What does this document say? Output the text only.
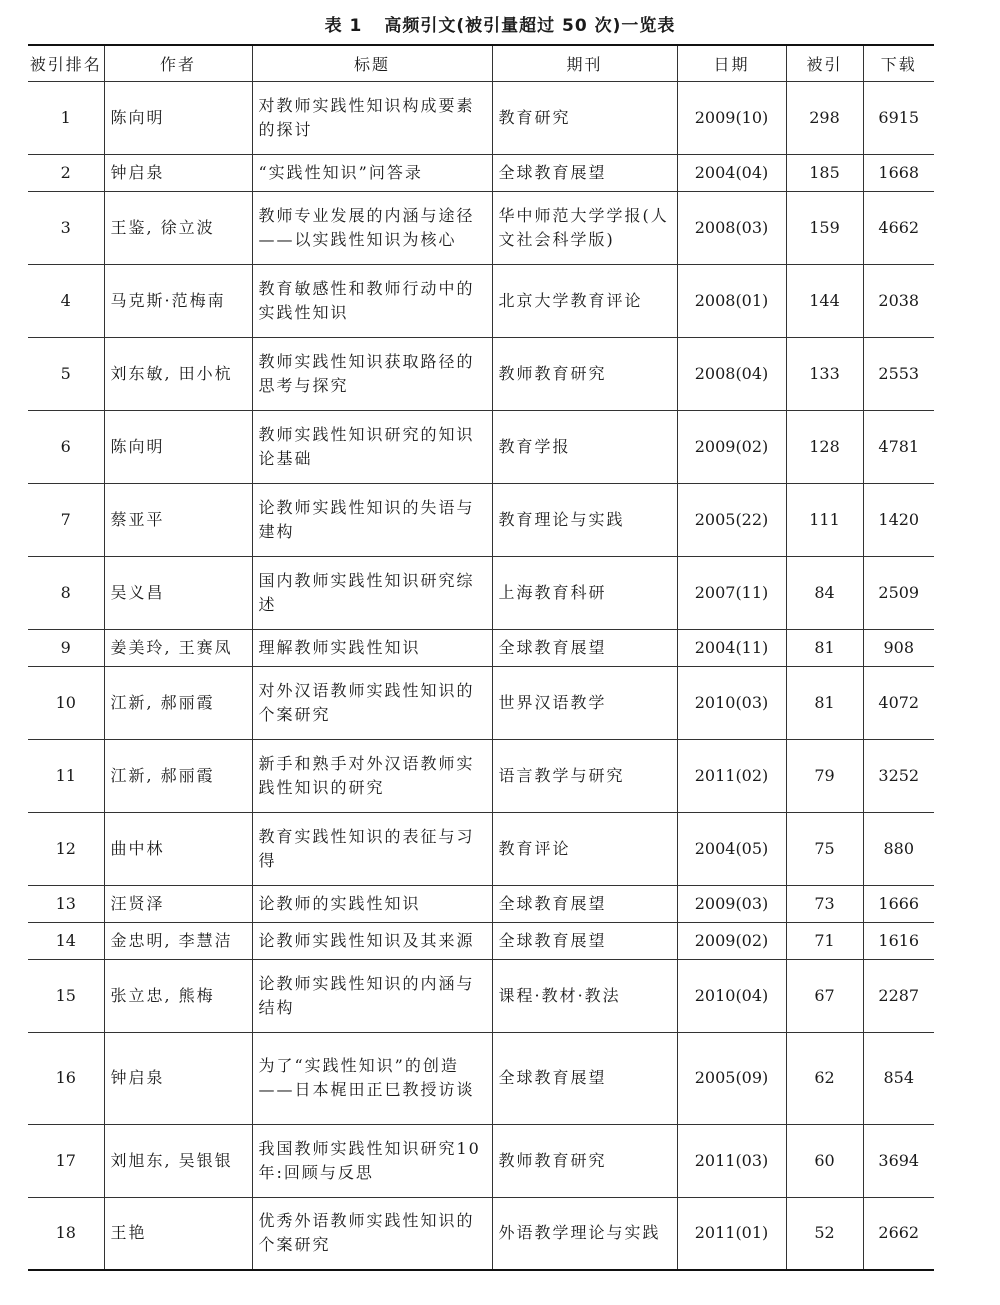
表 1 高频引文(被引量超过 50 次)一览表
被引排名	作者	标题	期刊	日期	被引	下载
1	陈向明	对教师实践性知识构成要素的探讨	教育研究	2009(10)	298	6915
2	钟启泉	“实践性知识”问答录	全球教育展望	2004(04)	185	1668
3	王鉴, 徐立波	教师专业发展的内涵与途径——以实践性知识为核心	华中师范大学学报(人文社会科学版)	2008(03)	159	4662
4	马克斯·范梅南	教育敏感性和教师行动中的实践性知识	北京大学教育评论	2008(01)	144	2038
5	刘东敏, 田小杭	教师实践性知识获取路径的思考与探究	教师教育研究	2008(04)	133	2553
6	陈向明	教师实践性知识研究的知识论基础	教育学报	2009(02)	128	4781
7	蔡亚平	论教师实践性知识的失语与建构	教育理论与实践	2005(22)	111	1420
8	吴义昌	国内教师实践性知识研究综述	上海教育科研	2007(11)	84	2509
9	姜美玲, 王赛凤	理解教师实践性知识	全球教育展望	2004(11)	81	908
10	江新, 郝丽霞	对外汉语教师实践性知识的个案研究	世界汉语教学	2010(03)	81	4072
11	江新, 郝丽霞	新手和熟手对外汉语教师实践性知识的研究	语言教学与研究	2011(02)	79	3252
12	曲中林	教育实践性知识的表征与习得	教育评论	2004(05)	75	880
13	汪贤泽	论教师的实践性知识	全球教育展望	2009(03)	73	1666
14	金忠明, 李慧洁	论教师实践性知识及其来源	全球教育展望	2009(02)	71	1616
15	张立忠, 熊梅	论教师实践性知识的内涵与结构	课程·教材·教法	2010(04)	67	2287
16	钟启泉	为了“实践性知识”的创造——日本梶田正巳教授访谈	全球教育展望	2005(09)	62	854
17	刘旭东, 吴银银	我国教师实践性知识研究10年:回顾与反思	教师教育研究	2011(03)	60	3694
18	王艳	优秀外语教师实践性知识的个案研究	外语教学理论与实践	2011(01)	52	2662
